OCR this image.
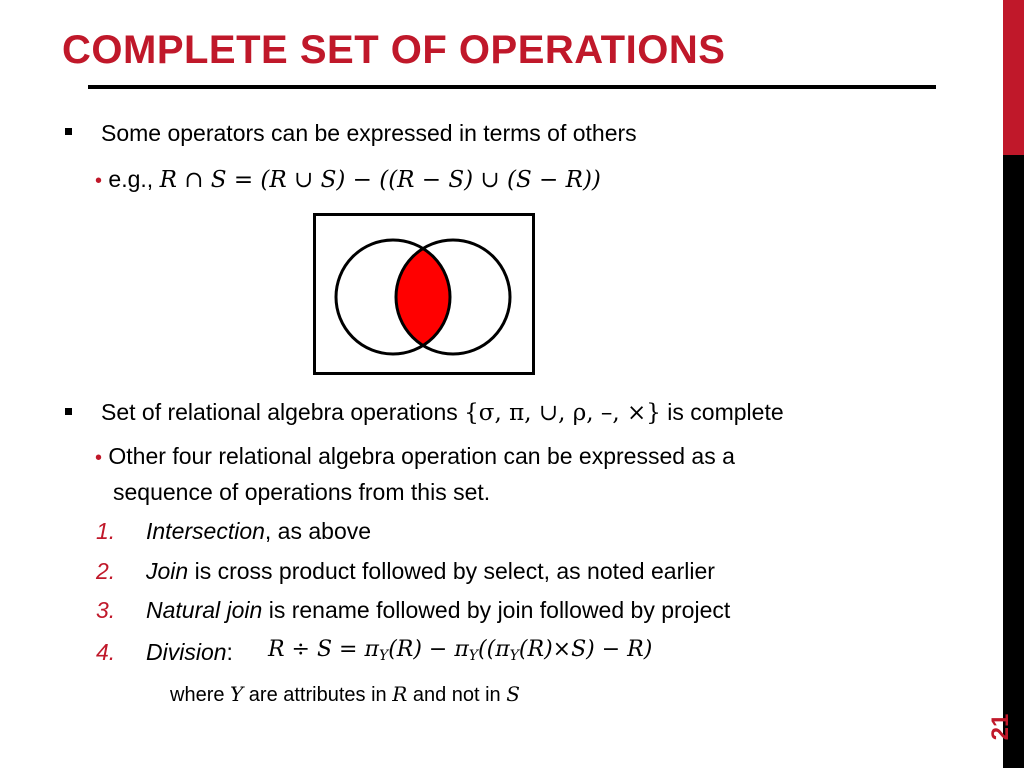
COMPLETE SET OF OPERATIONS
21
Some operators can be expressed in terms of others
• e.g., R ∩ S = (R ∪ S) − ((R − S) ∪ (S − R))
Set of relational algebra operations {σ, π, ∪, ρ, –, ×} is complete
• Other four relational algebra operation can be expressed as a
sequence of operations from this set.
1. Intersection, as above
2. Join is cross product followed by select, as noted earlier
3. Natural join is rename followed by join followed by project
4. Division: $R \div S = \pi_Y(R) - \pi_Y((\pi_Y(R)\times S) - R)$
where Y are attributes in R and not in S
